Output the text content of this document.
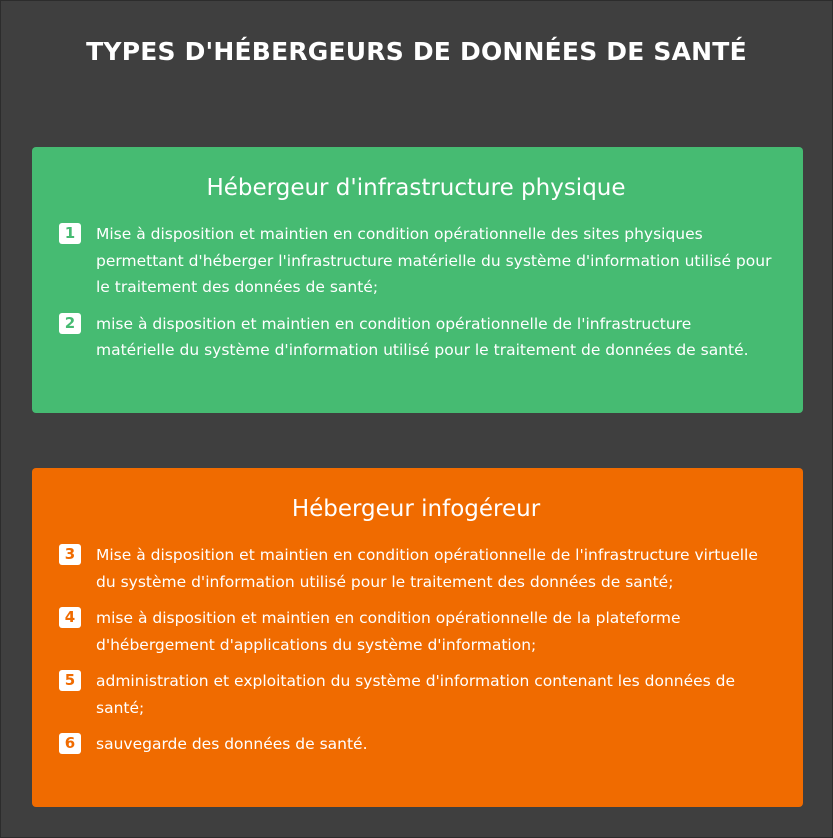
TYPES D'HÉBERGEURS DE DONNÉES DE SANTÉ
Hébergeur d'infrastructure physique
1	Mise à disposition et maintien en condition opérationnelle des sites physiques permettant d'héberger l'infrastructure matérielle du système d'information utilisé pour le traitement des données de santé;
2	mise à disposition et maintien en condition opérationnelle de l'infrastructure matérielle du système d'information utilisé pour le traitement de données de santé.
Hébergeur infogéreur
3	Mise à disposition et maintien en condition opérationnelle de l'infrastructure virtuelle du système d'information utilisé pour le traitement des données de santé;
4	mise à disposition et maintien en condition opérationnelle de la plateforme d'hébergement d'applications du système d'information;
5	administration et exploitation du système d'information contenant les données de santé;
6	sauvegarde des données de santé.
